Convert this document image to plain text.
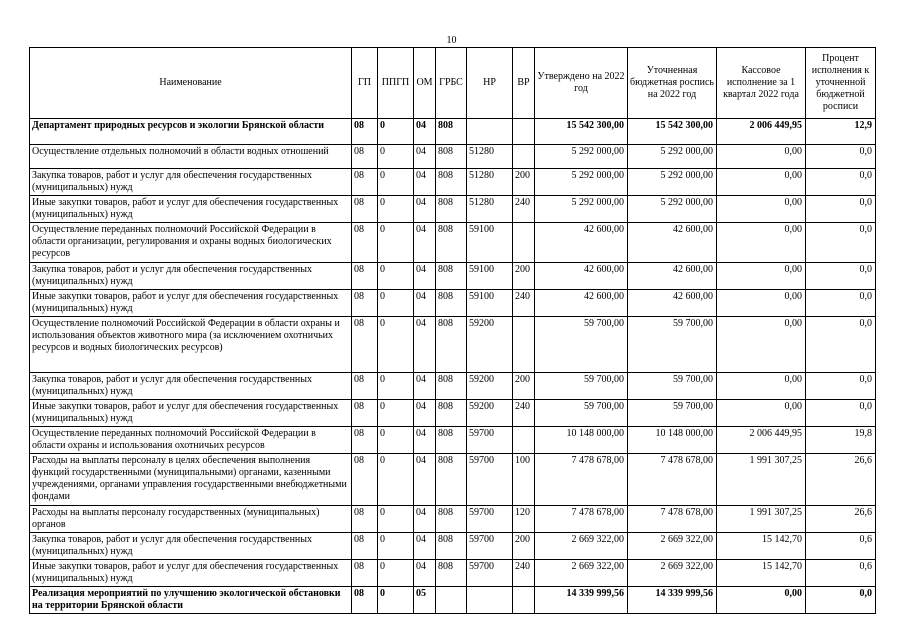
10
Наименование	ГП	ППГП	ОМ	ГРБС	НР	ВР	Утверждено на 2022 год	Уточненная бюджетная роспись на 2022 год	Кассовое исполнение за 1 квартал 2022 года	Процент исполнения к уточненной бюджетной росписи
Департамент природных ресурсов и экологии Брянской области	08	0	04	808			15 542 300,00	15 542 300,00	2 006 449,95	12,9
Осуществление отдельных полномочий в области водных отношений	08	0	04	808	51280		5 292 000,00	5 292 000,00	0,00	0,0
Закупка товаров, работ и услуг для обеспечения государственных (муниципальных) нужд	08	0	04	808	51280	200	5 292 000,00	5 292 000,00	0,00	0,0
Иные закупки товаров, работ и услуг для обеспечения государственных (муниципальных) нужд	08	0	04	808	51280	240	5 292 000,00	5 292 000,00	0,00	0,0
Осуществление переданных полномочий Российской Федерации в области организации, регулирования и охраны водных биологических ресурсов	08	0	04	808	59100		42 600,00	42 600,00	0,00	0,0
Закупка товаров, работ и услуг для обеспечения государственных (муниципальных) нужд	08	0	04	808	59100	200	42 600,00	42 600,00	0,00	0,0
Иные закупки товаров, работ и услуг для обеспечения государственных (муниципальных) нужд	08	0	04	808	59100	240	42 600,00	42 600,00	0,00	0,0
Осуществление полномочий Российской Федерации в области охраны и использования объектов животного мира (за исключением охотничьих ресурсов и водных биологических ресурсов)	08	0	04	808	59200		59 700,00	59 700,00	0,00	0,0
Закупка товаров, работ и услуг для обеспечения государственных (муниципальных) нужд	08	0	04	808	59200	200	59 700,00	59 700,00	0,00	0,0
Иные закупки товаров, работ и услуг для обеспечения государственных (муниципальных) нужд	08	0	04	808	59200	240	59 700,00	59 700,00	0,00	0,0
Осуществление переданных полномочий Российской Федерации в области охраны и использования охотничьих ресурсов	08	0	04	808	59700		10 148 000,00	10 148 000,00	2 006 449,95	19,8
Расходы на выплаты персоналу в целях обеспечения выполнения функций государственными (муниципальными) органами, казенными учреждениями, органами управления государственными внебюджетными фондами	08	0	04	808	59700	100	7 478 678,00	7 478 678,00	1 991 307,25	26,6
Расходы на выплаты персоналу государственных (муниципальных) органов	08	0	04	808	59700	120	7 478 678,00	7 478 678,00	1 991 307,25	26,6
Закупка товаров, работ и услуг для обеспечения государственных (муниципальных) нужд	08	0	04	808	59700	200	2 669 322,00	2 669 322,00	15 142,70	0,6
Иные закупки товаров, работ и услуг для обеспечения государственных (муниципальных) нужд	08	0	04	808	59700	240	2 669 322,00	2 669 322,00	15 142,70	0,6
Реализация мероприятий по улучшению экологической обстановки на территории Брянской области	08	0	05				14 339 999,56	14 339 999,56	0,00	0,0
